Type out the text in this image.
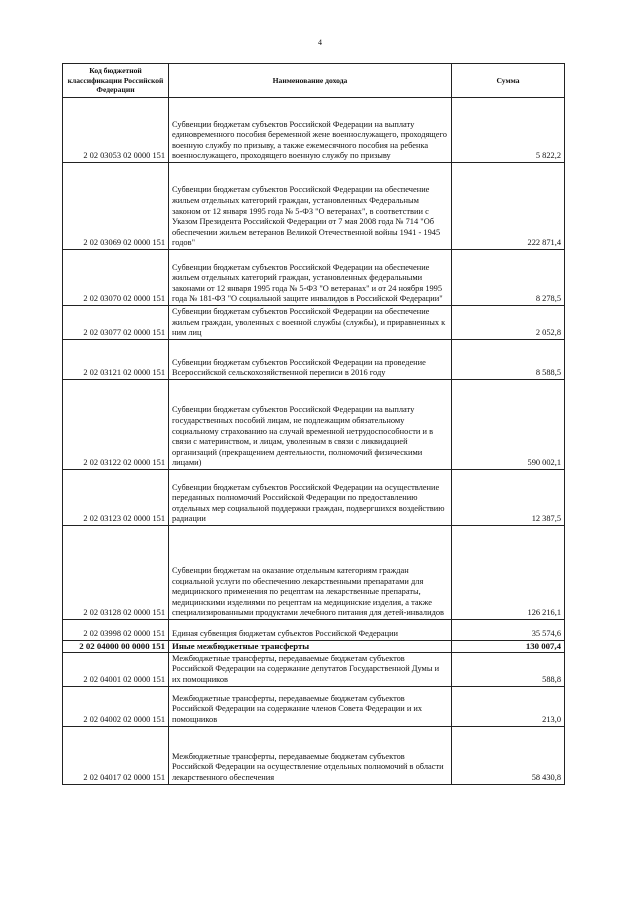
4
Код бюджетной классификации Российской Федерации	Наименование дохода	Сумма
2 02 03053 02 0000 151	Субвенции бюджетам субъектов Российской Федерации на выплату единовременного пособия беременной жене военнослужащего, проходящего военную службу по призыву, а также ежемесячного пособия на ребенка военнослужащего, проходящего военную службу по призыву	5 822,2
2 02 03069 02 0000 151	Субвенции бюджетам субъектов Российской Федерации на обеспечение жильем отдельных категорий граждан, установленных Федеральным законом от 12 января 1995 года № 5-ФЗ "О ветеранах", в соответствии с Указом Президента Российской Федерации от 7 мая 2008 года № 714 "Об обеспечении жильем ветеранов Великой Отечественной войны 1941 - 1945 годов"	222 871,4
2 02 03070 02 0000 151	Субвенции бюджетам субъектов Российской Федерации на обеспечение жильем отдельных категорий граждан, установленных федеральными законами от 12 января 1995 года № 5-ФЗ "О ветеранах" и от 24 ноября 1995 года № 181-ФЗ "О социальной защите инвалидов в Российской Федерации"	8 278,5
2 02 03077 02 0000 151	Субвенции бюджетам субъектов Российской Федерации на обеспечение жильем граждан, уволенных с военной службы (службы), и приравненных к ним лиц	2 052,8
2 02 03121 02 0000 151	Субвенции бюджетам субъектов Российской Федерации на проведение Всероссийской сельскохозяйственной переписи в 2016 году	8 588,5
2 02 03122 02 0000 151	Субвенции бюджетам субъектов Российской Федерации на выплату государственных пособий лицам, не подлежащим обязательному социальному страхованию на случай временной нетрудоспособности и в связи с материнством, и лицам, уволенным в связи с ликвидацией организаций (прекращением деятельности, полномочий физическими лицами)	590 002,1
2 02 03123 02 0000 151	Субвенции бюджетам субъектов Российской Федерации на осуществление переданных полномочий Российской Федерации по предоставлению отдельных мер социальной поддержки граждан, подвергшихся воздействию радиации	12 387,5
2 02 03128 02 0000 151	Субвенции бюджетам на оказание отдельным категориям граждан социальной услуги по обеспечению лекарственными препаратами для медицинского применения по рецептам на лекарственные препараты, медицинскими изделиями по рецептам на медицинские изделия, а также специализированными продуктами лечебного питания для детей-инвалидов	126 216,1
2 02 03998 02 0000 151	Единая субвенция бюджетам субъектов Российской Федерации	35 574,6
2 02 04000 00 0000 151	Иные межбюджетные трансферты	130 007,4
2 02 04001 02 0000 151	Межбюджетные трансферты, передаваемые бюджетам субъектов Российской Федерации на содержание депутатов Государственной Думы и их помощников	588,8
2 02 04002 02 0000 151	Межбюджетные трансферты, передаваемые бюджетам субъектов Российской Федерации на содержание членов Совета Федерации и их помощников	213,0
2 02 04017 02 0000 151	Межбюджетные трансферты, передаваемые бюджетам субъектов Российской Федерации на осуществление отдельных полномочий в области лекарственного обеспечения	58 430,8
